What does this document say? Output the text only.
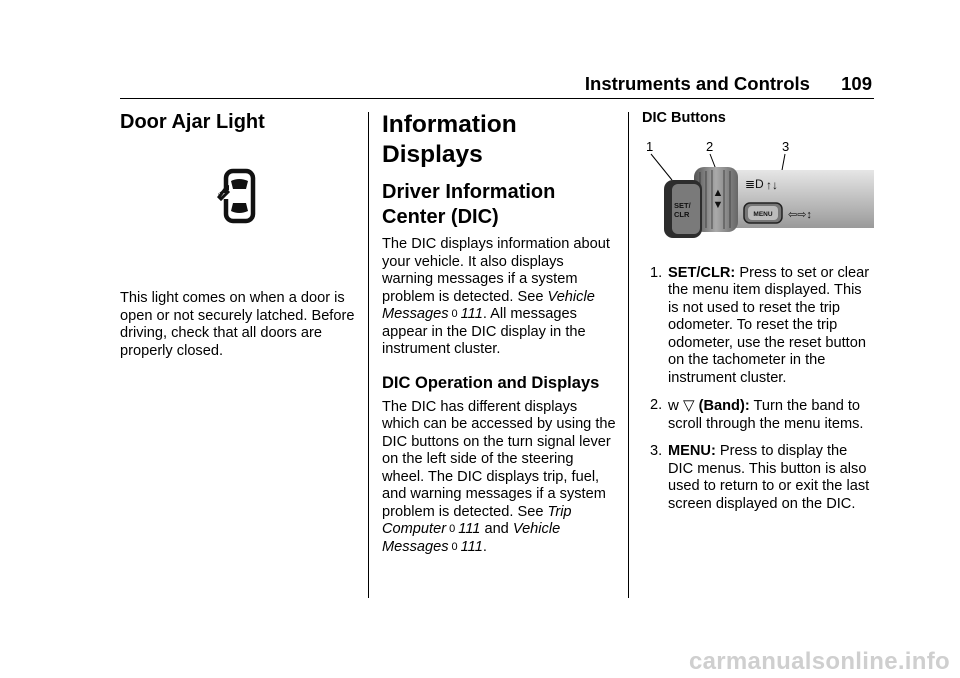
Instruments and Controls 109
Door Ajar Light

This light comes on when a door is open or not securely latched. Before driving, check that all doors are properly closed.

Information Displays
Driver Information Center (DIC)

The DIC displays information about your vehicle. It also displays warning messages if a system problem is detected. See Vehicle Messages 0 111. All messages appear in the DIC display in the instrument cluster.

DIC Operation and Displays

The DIC has different displays which can be accessed by using the DIC buttons on the turn signal lever on the left side of the steering wheel. The DIC displays trip, fuel, and warning messages if a system problem is detected. See Trip Computer 0 111 and Vehicle Messages 0 111.

DIC Buttons
1	2	3
▲
▼
SET/
CLR	MENU
≣D ↑↓
⇦⇨↕
1. SET/CLR: Press to set or clear the menu item displayed. This is not used to reset the trip odometer. To reset the trip odometer, use the reset button on the tachometer in the instrument cluster.
2. w ▽ (Band): Turn the band to scroll through the menu items.
3. MENU: Press to display the DIC menus. This button is also used to return to or exit the last screen displayed on the DIC.
carmanualsonline.info
